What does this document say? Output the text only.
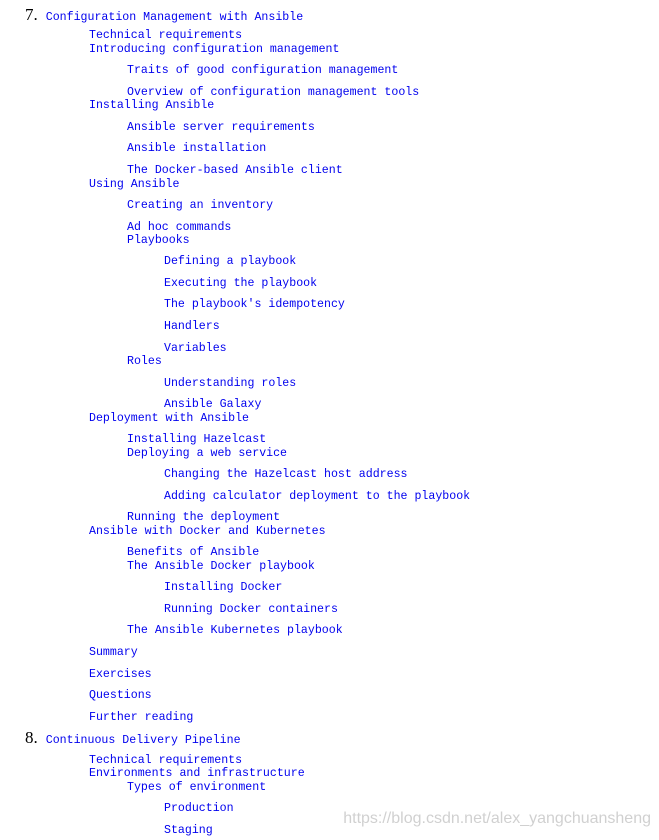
7. Configuration Management with Ansible
Technical requirements
Introducing configuration management
Traits of good configuration management
Overview of configuration management tools
Installing Ansible
Ansible server requirements
Ansible installation
The Docker-based Ansible client
Using Ansible
Creating an inventory
Ad hoc commands
Playbooks
Defining a playbook
Executing the playbook
The playbook's idempotency
Handlers
Variables
Roles
Understanding roles
Ansible Galaxy
Deployment with Ansible
Installing Hazelcast
Deploying a web service
Changing the Hazelcast host address
Adding calculator deployment to the playbook
Running the deployment
Ansible with Docker and Kubernetes
Benefits of Ansible
The Ansible Docker playbook
Installing Docker
Running Docker containers
The Ansible Kubernetes playbook
Summary
Exercises
Questions
Further reading
8. Continuous Delivery Pipeline
Technical requirements
Environments and infrastructure
Types of environment
Production
Staging
https://blog.csdn.net/alex_yangchuansheng
